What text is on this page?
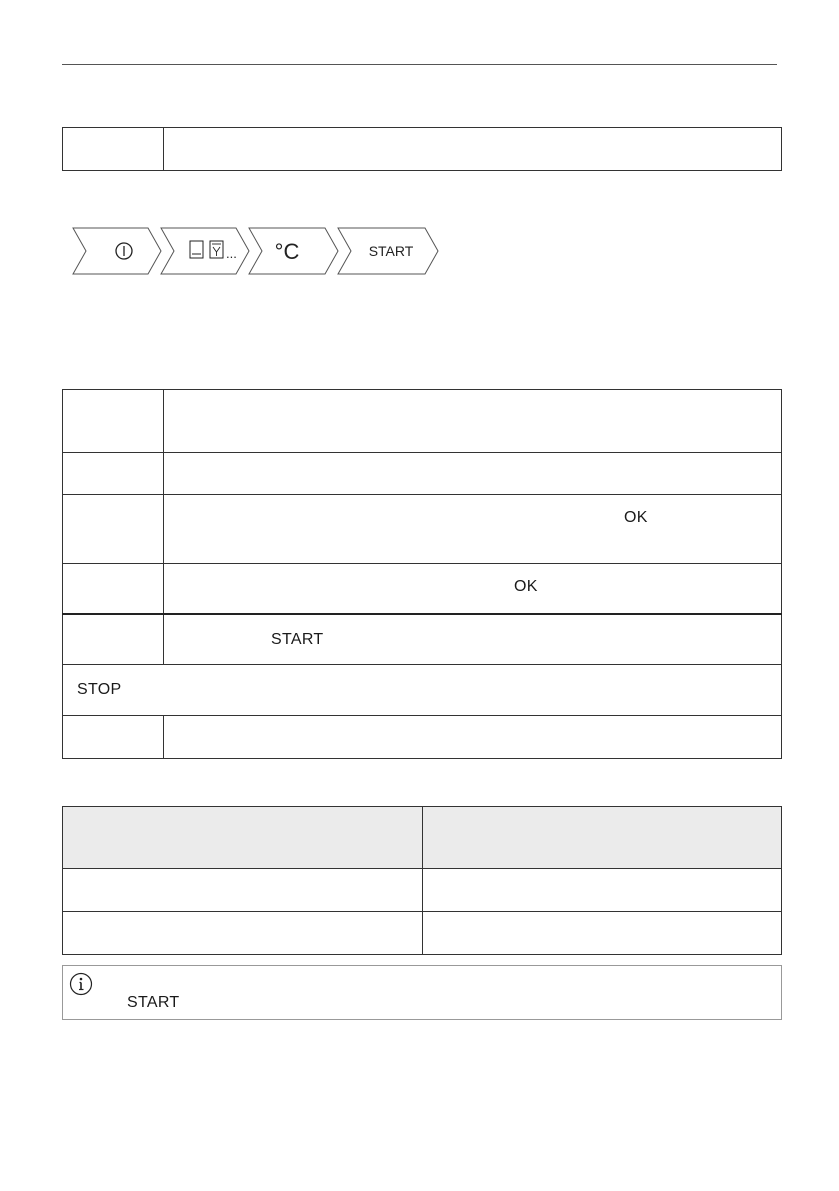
... °C	START

	OK

	OK

	START

STOP	

START
